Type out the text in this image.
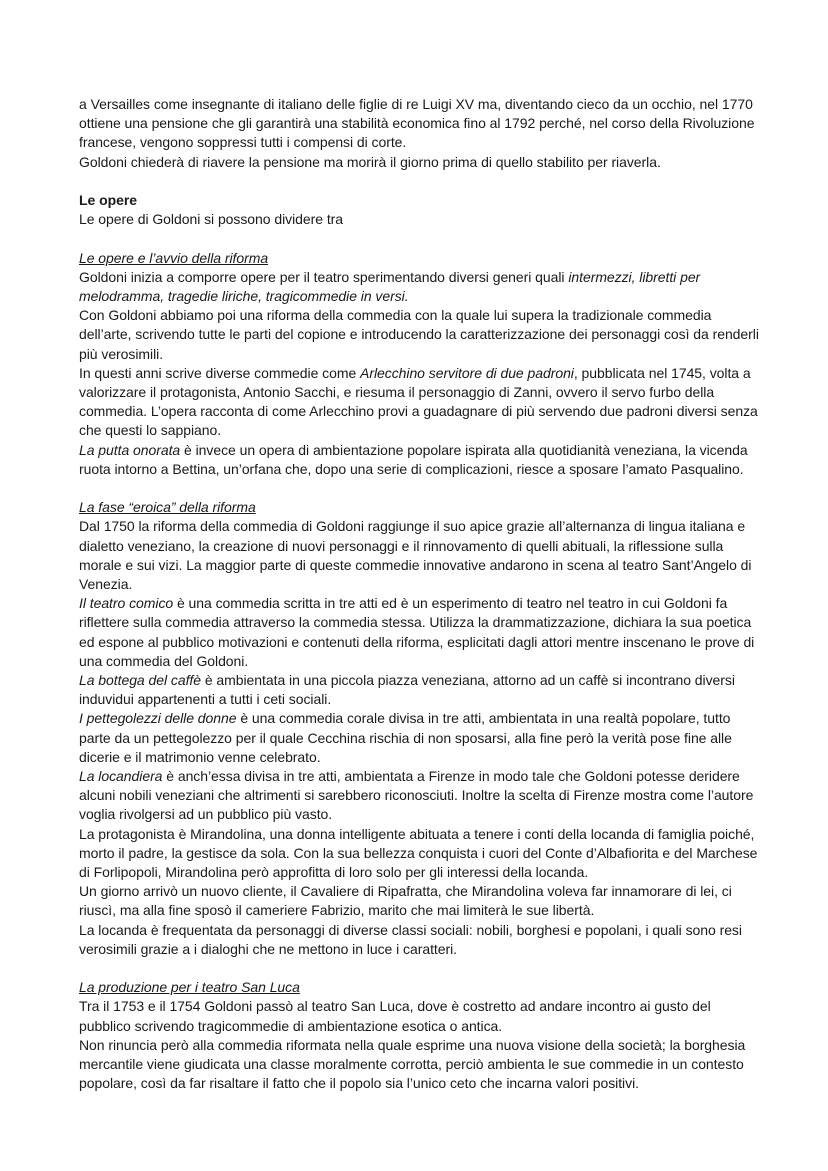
a Versailles come insegnante di italiano delle figlie di re Luigi XV ma, diventando cieco da un occhio, nel 1770 ottiene una pensione che gli garantirà una stabilità economica fino al 1792 perché, nel corso della Rivoluzione francese, vengono soppressi tutti i compensi di corte.

Goldoni chiederà di riavere la pensione ma morirà il giorno prima di quello stabilito per riaverla.

Le opere

Le opere di Goldoni si possono dividere tra

Le opere e l’avvio della riforma

Goldoni inizia a comporre opere per il teatro sperimentando diversi generi quali intermezzi, libretti per melodramma, tragedie liriche, tragicommedie in versi.

Con Goldoni abbiamo poi una riforma della commedia con la quale lui supera la tradizionale commedia dell’arte, scrivendo tutte le parti del copione e introducendo la caratterizzazione dei personaggi così da renderli più verosimili.

In questi anni scrive diverse commedie come Arlecchino servitore di due padroni, pubblicata nel 1745, volta a valorizzare il protagonista, Antonio Sacchi, e riesuma il personaggio di Zanni, ovvero il servo furbo della commedia. L’opera racconta di come Arlecchino provi a guadagnare di più servendo due padroni diversi senza che questi lo sappiano.

La putta onorata è invece un opera di ambientazione popolare ispirata alla quotidianità veneziana, la vicenda ruota intorno a Bettina, un’orfana che, dopo una serie di complicazioni, riesce a sposare l’amato Pasqualino.

La fase “eroica” della riforma

Dal 1750 la riforma della commedia di Goldoni raggiunge il suo apice grazie all’alternanza di lingua italiana e dialetto veneziano, la creazione di nuovi personaggi e il rinnovamento di quelli abituali, la riflessione sulla morale e sui vizi. La maggior parte di queste commedie innovative andarono in scena al teatro Sant’Angelo di Venezia.

Il teatro comico è una commedia scritta in tre atti ed è un esperimento di teatro nel teatro in cui Goldoni fa riflettere sulla commedia attraverso la commedia stessa. Utilizza la drammatizzazione, dichiara la sua poetica ed espone al pubblico motivazioni e contenuti della riforma, esplicitati dagli attori mentre inscenano le prove di una commedia del Goldoni.

La bottega del caffè è ambientata in una piccola piazza veneziana, attorno ad un caffè si incontrano diversi induvidui appartenenti a tutti i ceti sociali.

I pettegolezzi delle donne è una commedia corale divisa in tre atti, ambientata in una realtà popolare, tutto parte da un pettegolezzo per il quale Cecchina rischia di non sposarsi, alla fine però la verità pose fine alle dicerie e il matrimonio venne celebrato.

La locandiera è anch’essa divisa in tre atti, ambientata a Firenze in modo tale che Goldoni potesse deridere alcuni nobili veneziani che altrimenti si sarebbero riconosciuti. Inoltre la scelta di Firenze mostra come l’autore voglia rivolgersi ad un pubblico più vasto.

La protagonista è Mirandolina, una donna intelligente abituata a tenere i conti della locanda di famiglia poiché, morto il padre, la gestisce da sola. Con la sua bellezza conquista i cuori del Conte d’Albafiorita e del Marchese di Forlipopoli, Mirandolina però approfitta di loro solo per gli interessi della locanda.

Un giorno arrivò un nuovo cliente, il Cavaliere di Ripafratta, che Mirandolina voleva far innamorare di lei, ci riuscì, ma alla fine sposò il cameriere Fabrizio, marito che mai limiterà le sue libertà.

La locanda è frequentata da personaggi di diverse classi sociali: nobili, borghesi e popolani, i quali sono resi verosimili grazie a i dialoghi che ne mettono in luce i caratteri.

La produzione per i teatro San Luca

Tra il 1753 e il 1754 Goldoni passò al teatro San Luca, dove è costretto ad andare incontro ai gusto del pubblico scrivendo tragicommedie di ambientazione esotica o antica.

Non rinuncia però alla commedia riformata nella quale esprime una nuova visione della società; la borghesia mercantile viene giudicata una classe moralmente corrotta, perciò ambienta le sue commedie in un contesto popolare, così da far risaltare il fatto che il popolo sia l’unico ceto che incarna valori positivi.
